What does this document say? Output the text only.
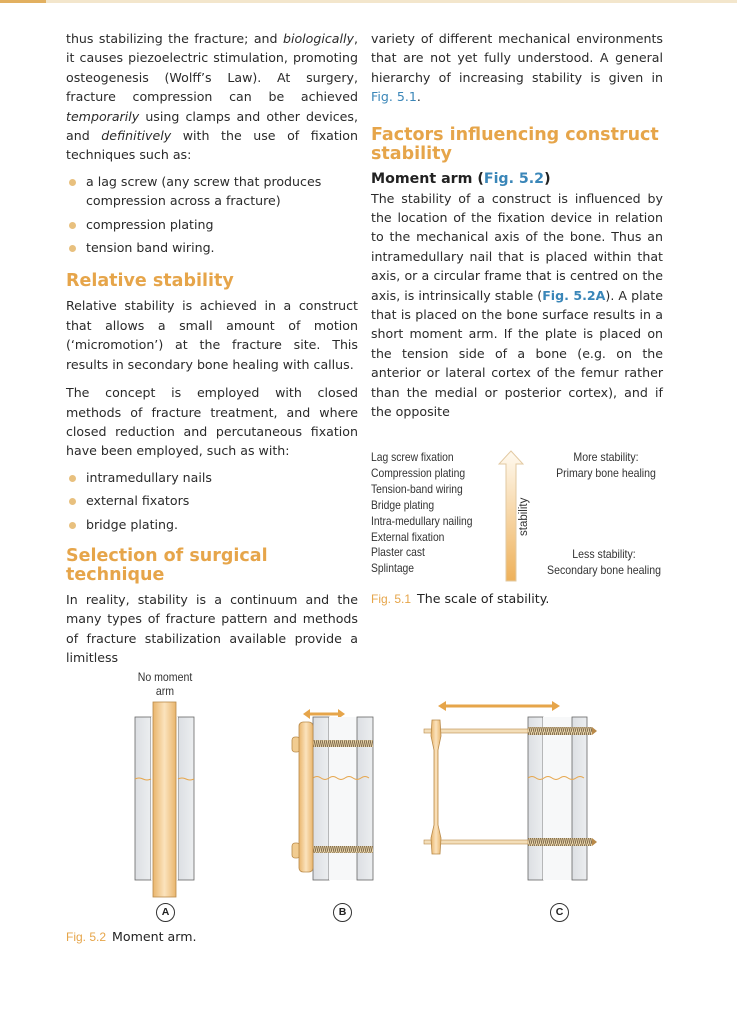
thus stabilizing the fracture; and biologically, it causes piezoelectric stimulation, promoting osteogenesis (Wolff’s Law). At surgery, fracture compression can be achieved temporarily using clamps and other devices, and definitively with the use of fixation techniques such as:

a lag screw (any screw that produces compression across a fracture)
compression plating
tension band wiring.
Relative stability

Relative stability is achieved in a construct that allows a small amount of motion (‘micromotion’) at the fracture site. This results in secondary bone healing with callus.

The concept is employed with closed methods of fracture treatment, and where closed reduction and percutaneous fixation have been employed, such as with:

intramedullary nails
external fixators
bridge plating.
Selection of surgical technique

In reality, stability is a continuum and the many types of fracture pattern and methods of fracture stabilization available provide a limitless

variety of different mechanical environments that are not yet fully understood. A general hierarchy of increasing stability is given in Fig. 5.1.

Factors influencing construct stability
Moment arm (Fig. 5.2)

The stability of a construct is influenced by the location of the fixation device in relation to the mechanical axis of the bone. Thus an intramedullary nail that is placed within that axis, or a circular frame that is centred on the axis, is intrinsically stable (Fig. 5.2A). A plate that is placed on the bone surface results in a short moment arm. If the plate is placed on the tension side of a bone (e.g. on the anterior or lateral cortex of the femur rather than the medial or posterior cortex), and if the opposite

Lag screw fixation
Compression plating
Tension-band wiring
Bridge plating
Intra-medullary nailing
External fixation
Plaster cast
Splintage
stability
More stability:
Primary bone healing
Less stability:
Secondary bone healing
Fig. 5.1 The scale of stability.
No moment
arm
A	B	C
Fig. 5.2 Moment arm.
